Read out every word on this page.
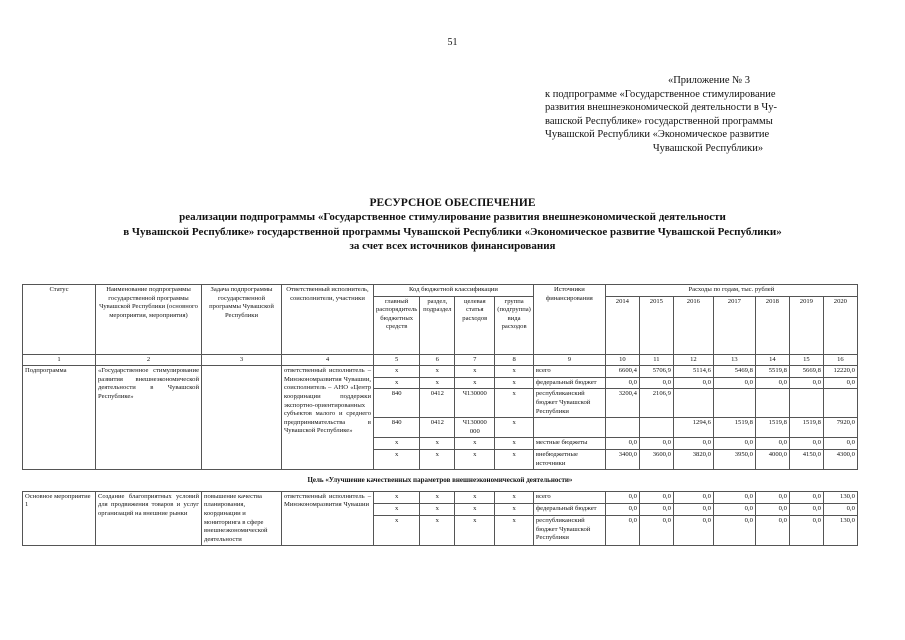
51
«Приложение № 3
к подпрограмме «Государственное стимулирование
развития внешнеэкономической деятельности в Чу-
вашской Республике» государственной программы
Чувашской Республики «Экономическое развитие
Чувашской Республики»
РЕСУРСНОЕ ОБЕСПЕЧЕНИЕ
реализации подпрограммы «Государственное стимулирование развития внешнеэкономической деятельности
в Чувашской Республике» государственной программы Чувашской Республики «Экономическое развитие Чувашской Республики»
за счет всех источников финансирования
Статус	Наименование подпрограммы государственной программы Чувашской Республики (основного мероприятия, мероприятия)	Задача подпрограммы государственной программы Чувашской Республики	Ответственный исполнитель, соисполнители, участники	Код бюджетной классификации				Источники финансирования	Расходы по годам, тыс. рублей						
				главный распорядитель бюджетных средств	раздел, подраздел	целевая статья расходов	группа (подгруппа) вида расходов		2014	2015	2016	2017	2018	2019	2020
1	2	3	4	5	6	7	8	9	10	11	12	13	14	15	16
Подпрограмма	«Государственное стимулирование развития внешнеэкономической деятельности в Чувашской Республике»		ответственный исполнитель – Минэкономразвития Чувашии, соисполнитель – АНО «Центр координации поддержки экспортно-ориентированных субъектов малого и среднего предпринимательства в Чувашской Республике»	x	x	x	x	всего	6600,4	5706,9	5114,6	5469,8	5519,8	5669,8	12220,0
				x	x	x	x	федеральный бюджет	0,0	0,0	0,0	0,0	0,0	0,0	0,0
				840	0412	Ч130000	x	республиканский бюджет Чувашской Республики	3200,4	2106,9					
				840	0412	Ч130000 000	x				1294,6	1519,8	1519,8	1519,8	7920,0
				x	x	x	x	местные бюджеты	0,0	0,0	0,0	0,0	0,0	0,0	0,0
				x	x	x	x	внебюджетные источники	3400,0	3600,0	3820,0	3950,0	4000,0	4150,0	4300,0
Цель «Улучшение качественных параметров внешнеэкономической деятельности»															
Основное мероприятие 1	Создание благоприятных условий для продвижения товаров и услуг организаций на внешние рынки	повышение качества планирования, координации и мониторинга в сфере внешнеэкономической деятельности	ответственный исполнитель – Минэкономразвития Чувашии	x	x	x	x	всего	0,0	0,0	0,0	0,0	0,0	0,0	130,0
				x	x	x	x	федеральный бюджет	0,0	0,0	0,0	0,0	0,0	0,0	0,0
				x	x	x	x	республиканский бюджет Чувашской Республики	0,0	0,0	0,0	0,0	0,0	0,0	130,0
